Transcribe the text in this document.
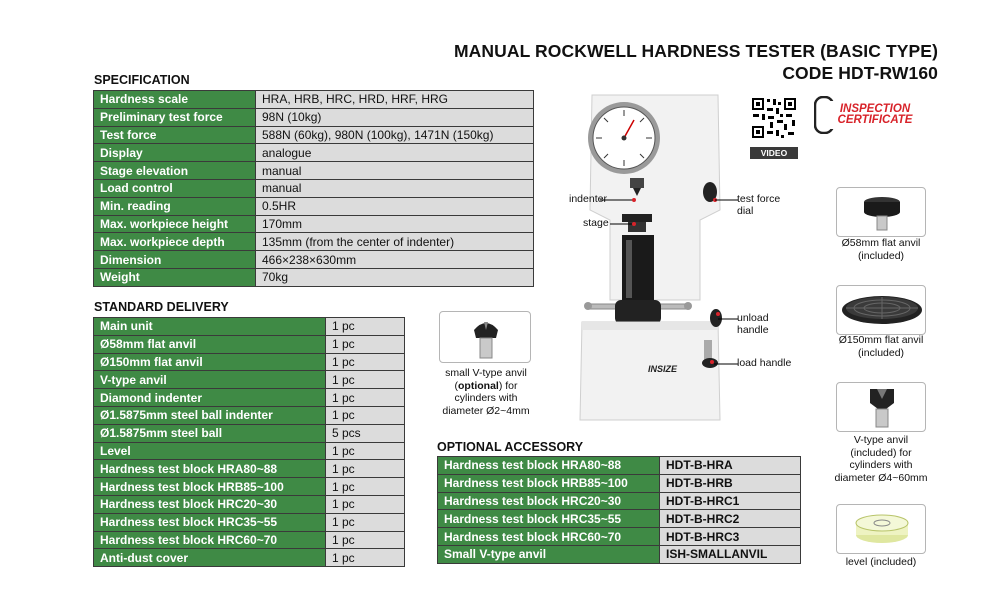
MANUAL ROCKWELL HARDNESS TESTER (BASIC TYPE)
CODE HDT-RW160
SPECIFICATION
Hardness scale	HRA, HRB, HRC, HRD, HRF, HRG
Preliminary test force	98N (10kg)
Test force	588N (60kg), 980N (100kg), 1471N (150kg)
Display	analogue
Stage elevation	manual
Load control	manual
Min. reading	0.5HR
Max. workpiece height	170mm
Max. workpiece depth	135mm (from the center of indenter)
Dimension	466×238×630mm
Weight	70kg
STANDARD DELIVERY
Main unit	1 pc
Ø58mm flat anvil	1 pc
Ø150mm flat anvil	1 pc
V-type anvil	1 pc
Diamond indenter	1 pc
Ø1.5875mm steel ball indenter	1 pc
Ø1.5875mm steel ball	5 pcs
Level	1 pc
Hardness test block HRA80~88	1 pc
Hardness test block HRB85~100	1 pc
Hardness test block HRC20~30	1 pc
Hardness test block HRC35~55	1 pc
Hardness test block HRC60~70	1 pc
Anti-dust cover	1 pc
OPTIONAL ACCESSORY
Hardness test block HRA80~88	HDT-B-HRA
Hardness test block HRB85~100	HDT-B-HRB
Hardness test block HRC20~30	HDT-B-HRC1
Hardness test block HRC35~55	HDT-B-HRC2
Hardness test block HRC60~70	HDT-B-HRC3
Small V-type anvil	ISH-SMALLANVIL
small V-type anvil
(optional) for
cylinders with
diameter Ø2~4mm
INSIZE
indenter
stage
test force
dial
unload
handle
load handle
VIDEO
INSPECTION
CERTIFICATE
Ø58mm flat anvil
(included)
Ø150mm flat anvil
(included)
V-type anvil
(included) for
cylinders with
diameter Ø4~60mm
level (included)
